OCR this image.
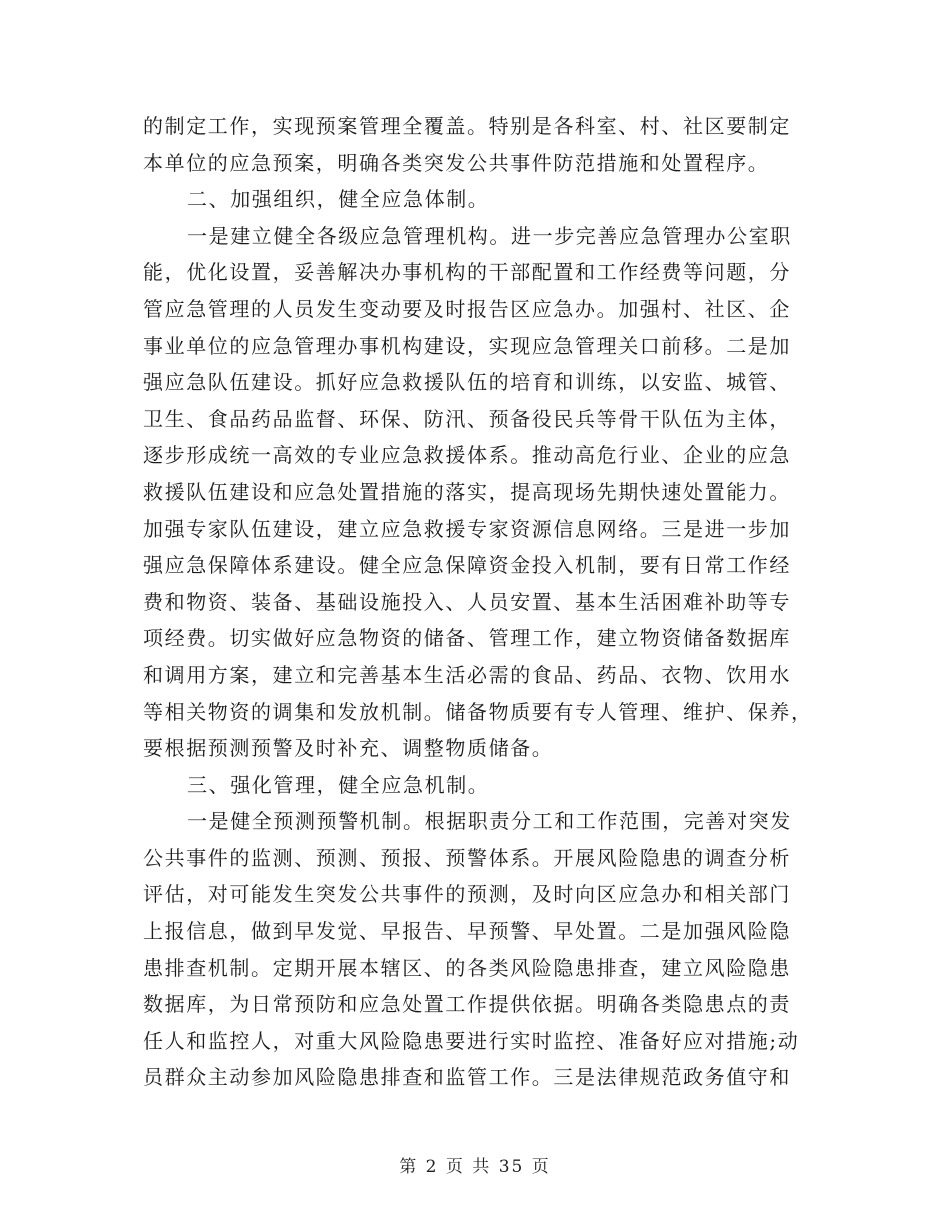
的制定工作，实现预案管理全覆盖。特别是各科室、村、社区要制定
本单位的应急预案，明确各类突发公共事件防范措施和处置程序。
二、加强组织，健全应急体制。
一是建立健全各级应急管理机构。进一步完善应急管理办公室职
能，优化设置，妥善解决办事机构的干部配置和工作经费等问题，分
管应急管理的人员发生变动要及时报告区应急办。加强村、社区、企
事业单位的应急管理办事机构建设，实现应急管理关口前移。二是加
强应急队伍建设。抓好应急救援队伍的培育和训练，以安监、城管、
卫生、食品药品监督、环保、防汛、预备役民兵等骨干队伍为主体，
逐步形成统一高效的专业应急救援体系。推动高危行业、企业的应急
救援队伍建设和应急处置措施的落实，提高现场先期快速处置能力。
加强专家队伍建设，建立应急救援专家资源信息网络。三是进一步加
强应急保障体系建设。健全应急保障资金投入机制，要有日常工作经
费和物资、装备、基础设施投入、人员安置、基本生活困难补助等专
项经费。切实做好应急物资的储备、管理工作，建立物资储备数据库
和调用方案，建立和完善基本生活必需的食品、药品、衣物、饮用水
等相关物资的调集和发放机制。储备物质要有专人管理、维护、保养，
要根据预测预警及时补充、调整物质储备。
三、强化管理，健全应急机制。
一是健全预测预警机制。根据职责分工和工作范围，完善对突发
公共事件的监测、预测、预报、预警体系。开展风险隐患的调查分析
评估，对可能发生突发公共事件的预测，及时向区应急办和相关部门
上报信息，做到早发觉、早报告、早预警、早处置。二是加强风险隐
患排查机制。定期开展本辖区、的各类风险隐患排查，建立风险隐患
数据库，为日常预防和应急处置工作提供依据。明确各类隐患点的责
任人和监控人，对重大风险隐患要进行实时监控、准备好应对措施;动
员群众主动参加风险隐患排查和监管工作。三是法律规范政务值守和
第 2 页 共 35 页
